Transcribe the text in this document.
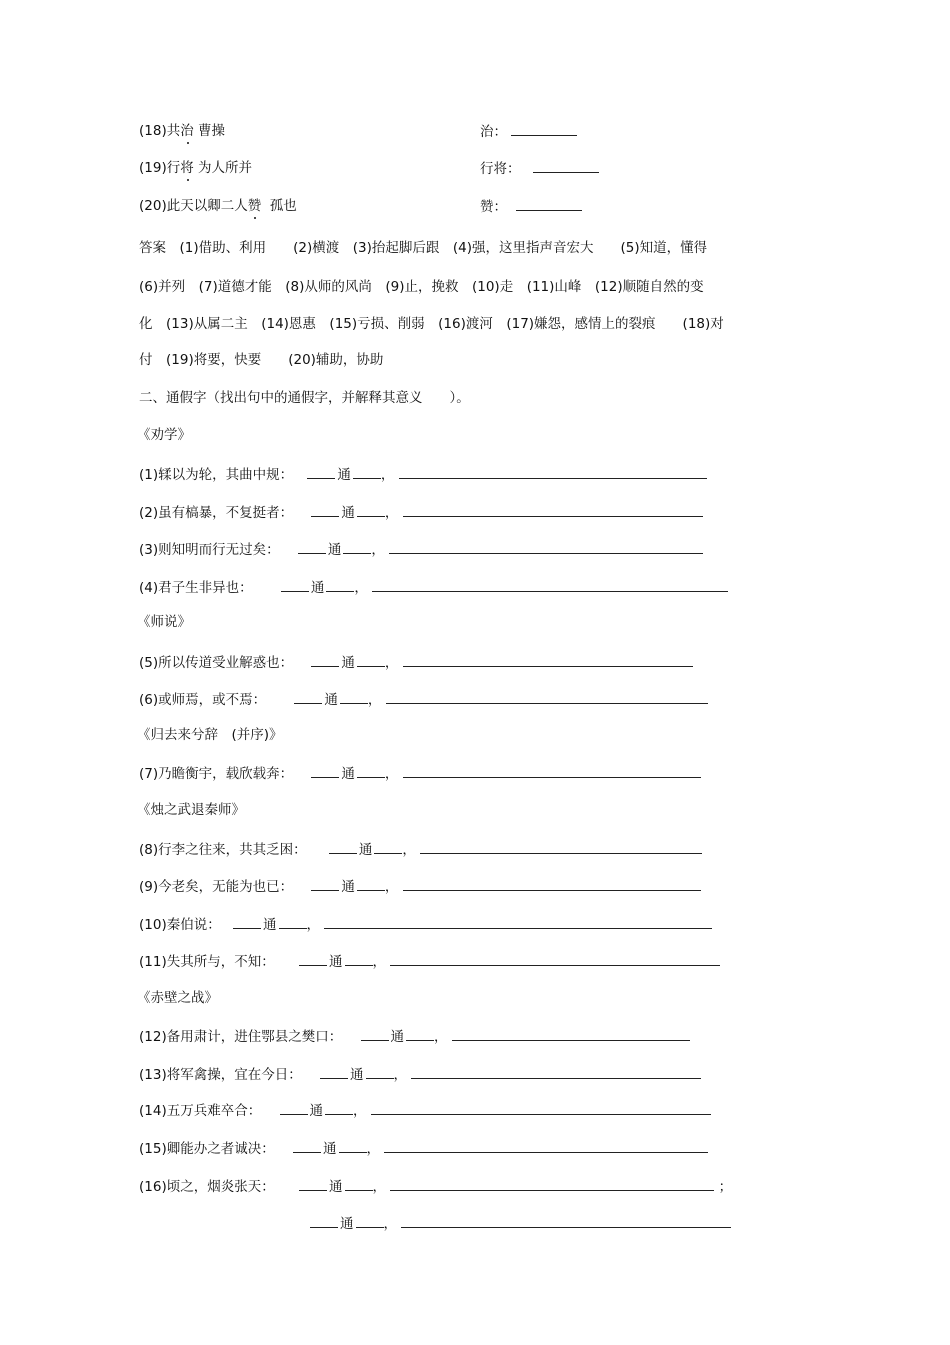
(18)共治 曹操	治：
(19)行将 为人所并	行将：
(20)此天以卿二人赞 孤也	赞：
答案　(1)借助、利用　　(2)横渡　(3)抬起脚后跟　(4)强，这里指声音宏大　　(5)知道，懂得
(6)并列　(7)道德才能　(8)从师的风尚　(9)止，挽救　(10)走　(11)山峰　(12)顺随自然的变
化　(13)从属二主　(14)恩惠　(15)亏损、削弱　(16)渡河　(17)嫌怨，感情上的裂痕　　(18)对
付　(19)将要，快要　　(20)辅助，协助
二、通假字（找出句中的通假字，并解释其意义　　）。
《劝学》
(1)𫐓以为轮，其曲中规：	通 ，
(2)虽有槁暴，不复挺者：	通 ，
(3)则知明而行无过矣：	通 ，
(4)君子生非异也：	通 ，
《师说》
(5)所以传道受业解惑也：	通 ，
(6)或师焉，或不焉：	通 ，
《归去来兮辞　(并序)》
(7)乃瞻衡宇，载欣载奔：	通 ，
《烛之武退秦师》
(8)行李之往来，共其乏困：	通 ，
(9)今老矣，无能为也已：	通 ，
(10)秦伯说：	通 ，
(11)失其所与，不知：	通 ，
《赤壁之战》
(12)备用肃计，进住鄂县之樊口：	通 ，
(13)将军禽操，宜在今日：	通 ，
(14)五万兵难卒合：	通 ，
(15)卿能办之者诚决：	通 ，
(16)顷之，烟炎张天：	通 ，	；
通 ，
